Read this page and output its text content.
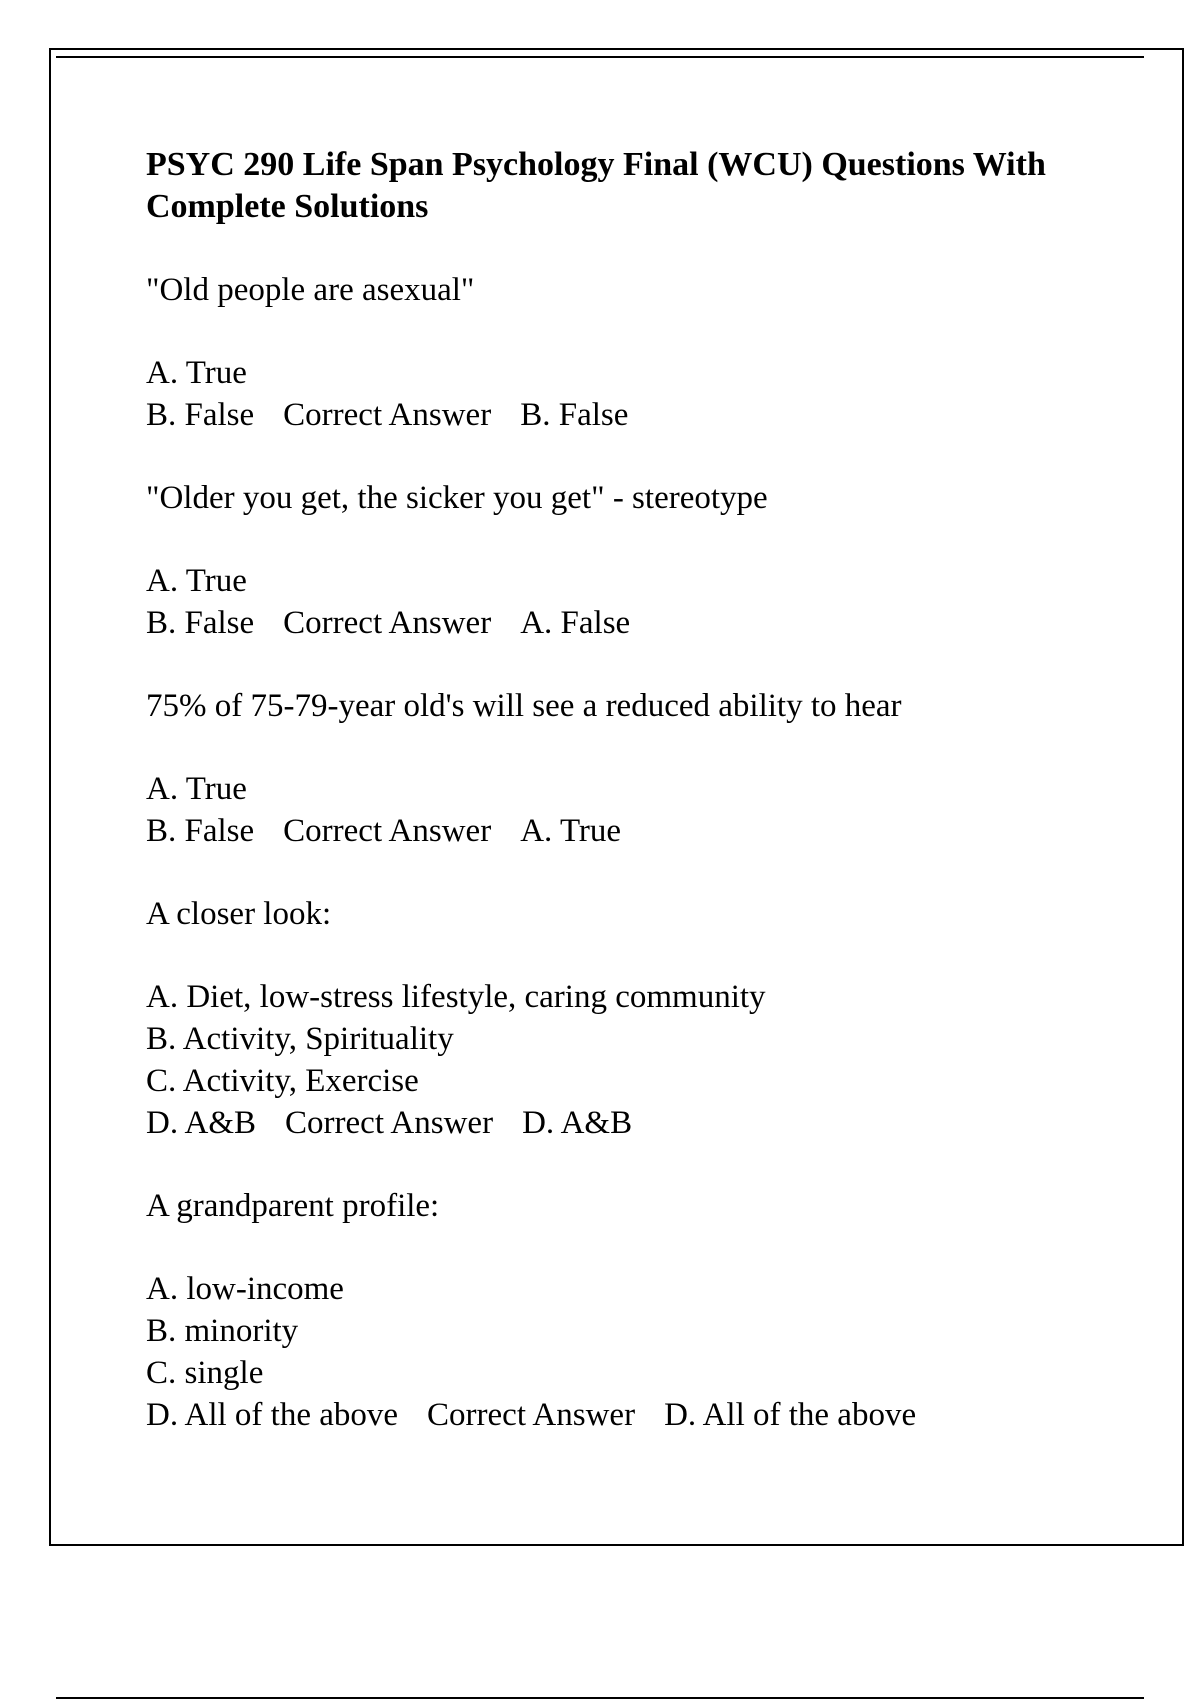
PSYC 290 Life Span Psychology Final (WCU) Questions With Complete Solutions

"Old people are asexual"

A. True

B. False Correct Answer B. False

"Older you get, the sicker you get" - stereotype

A. True

B. False Correct Answer A. False

75% of 75-79-year old's will see a reduced ability to hear

A. True

B. False Correct Answer A. True

A closer look:

A. Diet, low-stress lifestyle, caring community

B. Activity, Spirituality

C. Activity, Exercise

D. A&B Correct Answer D. A&B

A grandparent profile:

A. low-income

B. minority

C. single

D. All of the above Correct Answer D. All of the above
